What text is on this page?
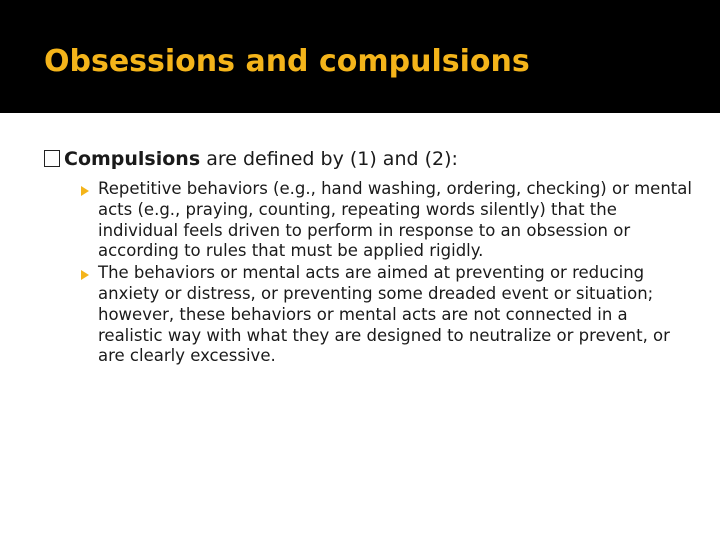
Obsessions and compulsions

Compulsions are defined by (1) and (2):

Repetitive behaviors (e.g., hand washing, ordering, checking) or mental acts (e.g., praying, counting, repeating words silently) that the individual feels driven to perform in response to an obsession or according to rules that must be applied rigidly.
The behaviors or mental acts are aimed at preventing or reducing anxiety or distress, or preventing some dreaded event or situation; however, these behaviors or mental acts are not connected in a realistic way with what they are designed to neutralize or prevent, or are clearly excessive.
